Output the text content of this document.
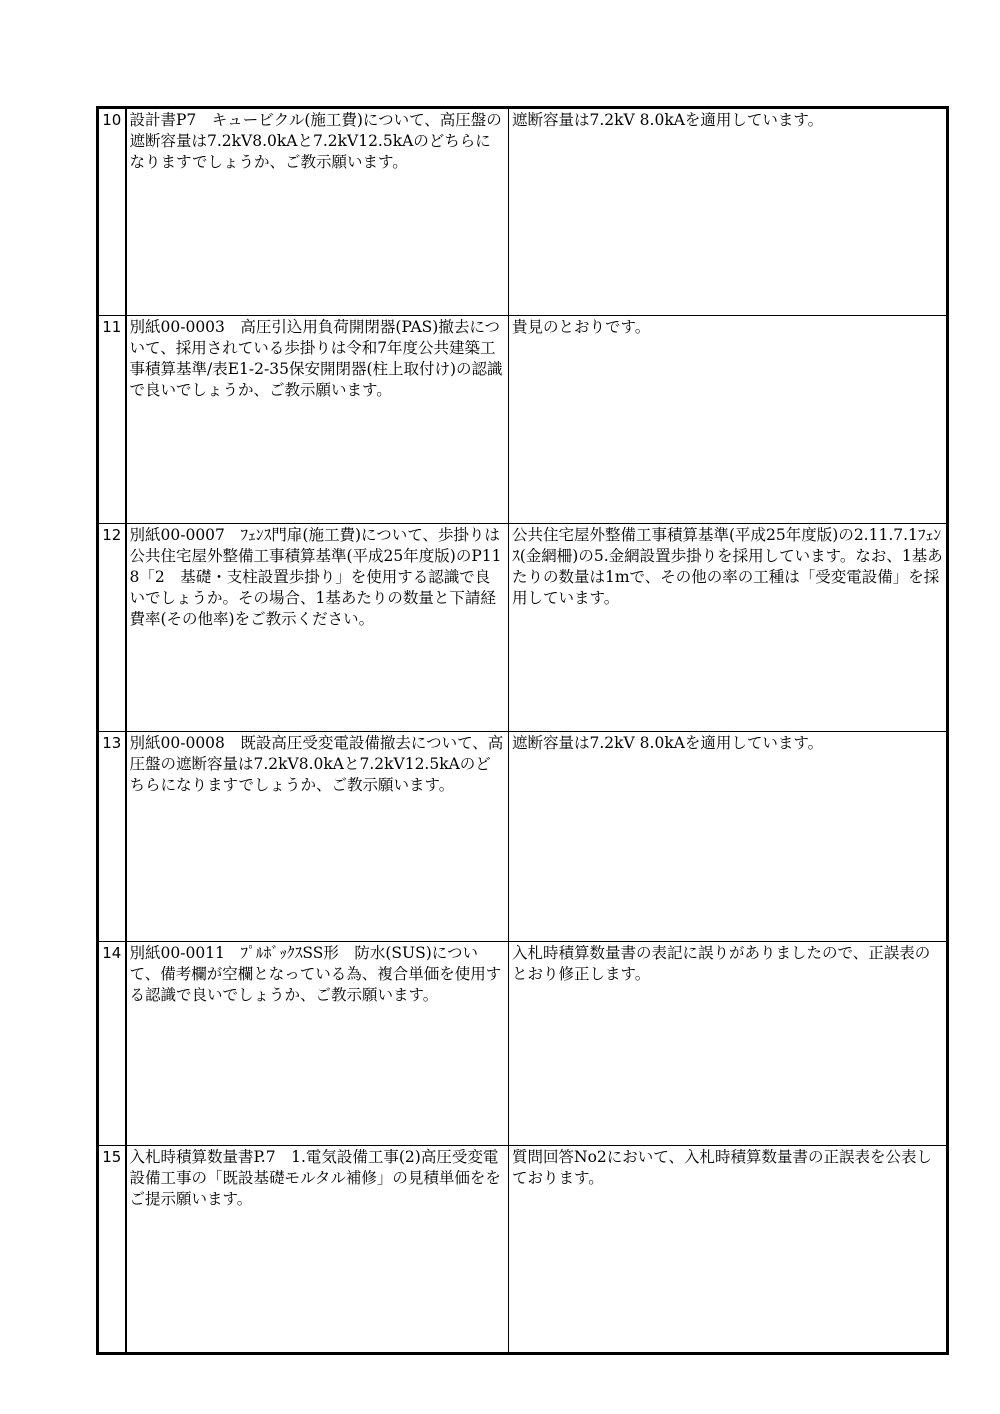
10	設計書P7　キュービクル(施工費)について、高圧盤の遮断容量は7.2kV8.0kAと7.2kV12.5kAのどちらになりますでしょうか、ご教示願います。	遮断容量は7.2kV 8.0kAを適用しています。
11	別紙00-0003　高圧引込用負荷開閉器(PAS)撤去について、採用されている歩掛りは令和7年度公共建築工事積算基準/表E1-2-35保安開閉器(柱上取付け)の認識で良いでしょうか、ご教示願います。	貴見のとおりです。
12	別紙00-0007　ﾌｪﾝｽ門扉(施工費)について、歩掛りは公共住宅屋外整備工事積算基準(平成25年度版)のP118「2　基礎・支柱設置歩掛り」を使用する認識で良いでしょうか。その場合、1基あたりの数量と下請経費率(その他率)をご教示ください。	公共住宅屋外整備工事積算基準(平成25年度版)の2.11.7.1ﾌｪﾝｽ(金網柵)の5.金網設置歩掛りを採用しています。なお、1基あたりの数量は1mで、その他の率の工種は「受変電設備」を採用しています。
13	別紙00-0008　既設高圧受変電設備撤去について、高圧盤の遮断容量は7.2kV8.0kAと7.2kV12.5kAのどちらになりますでしょうか、ご教示願います。	遮断容量は7.2kV 8.0kAを適用しています。
14	別紙00-0011　ﾌﾟﾙﾎﾞｯｸｽSS形　防水(SUS)について、備考欄が空欄となっている為、複合単価を使用する認識で良いでしょうか、ご教示願います。	入札時積算数量書の表記に誤りがありましたので、正誤表のとおり修正します。
15	入札時積算数量書P.7　1.電気設備工事(2)高圧受変電設備工事の「既設基礎モルタル補修」の見積単価ををご提示願います。	質問回答No2において、入札時積算数量書の正誤表を公表しております。
